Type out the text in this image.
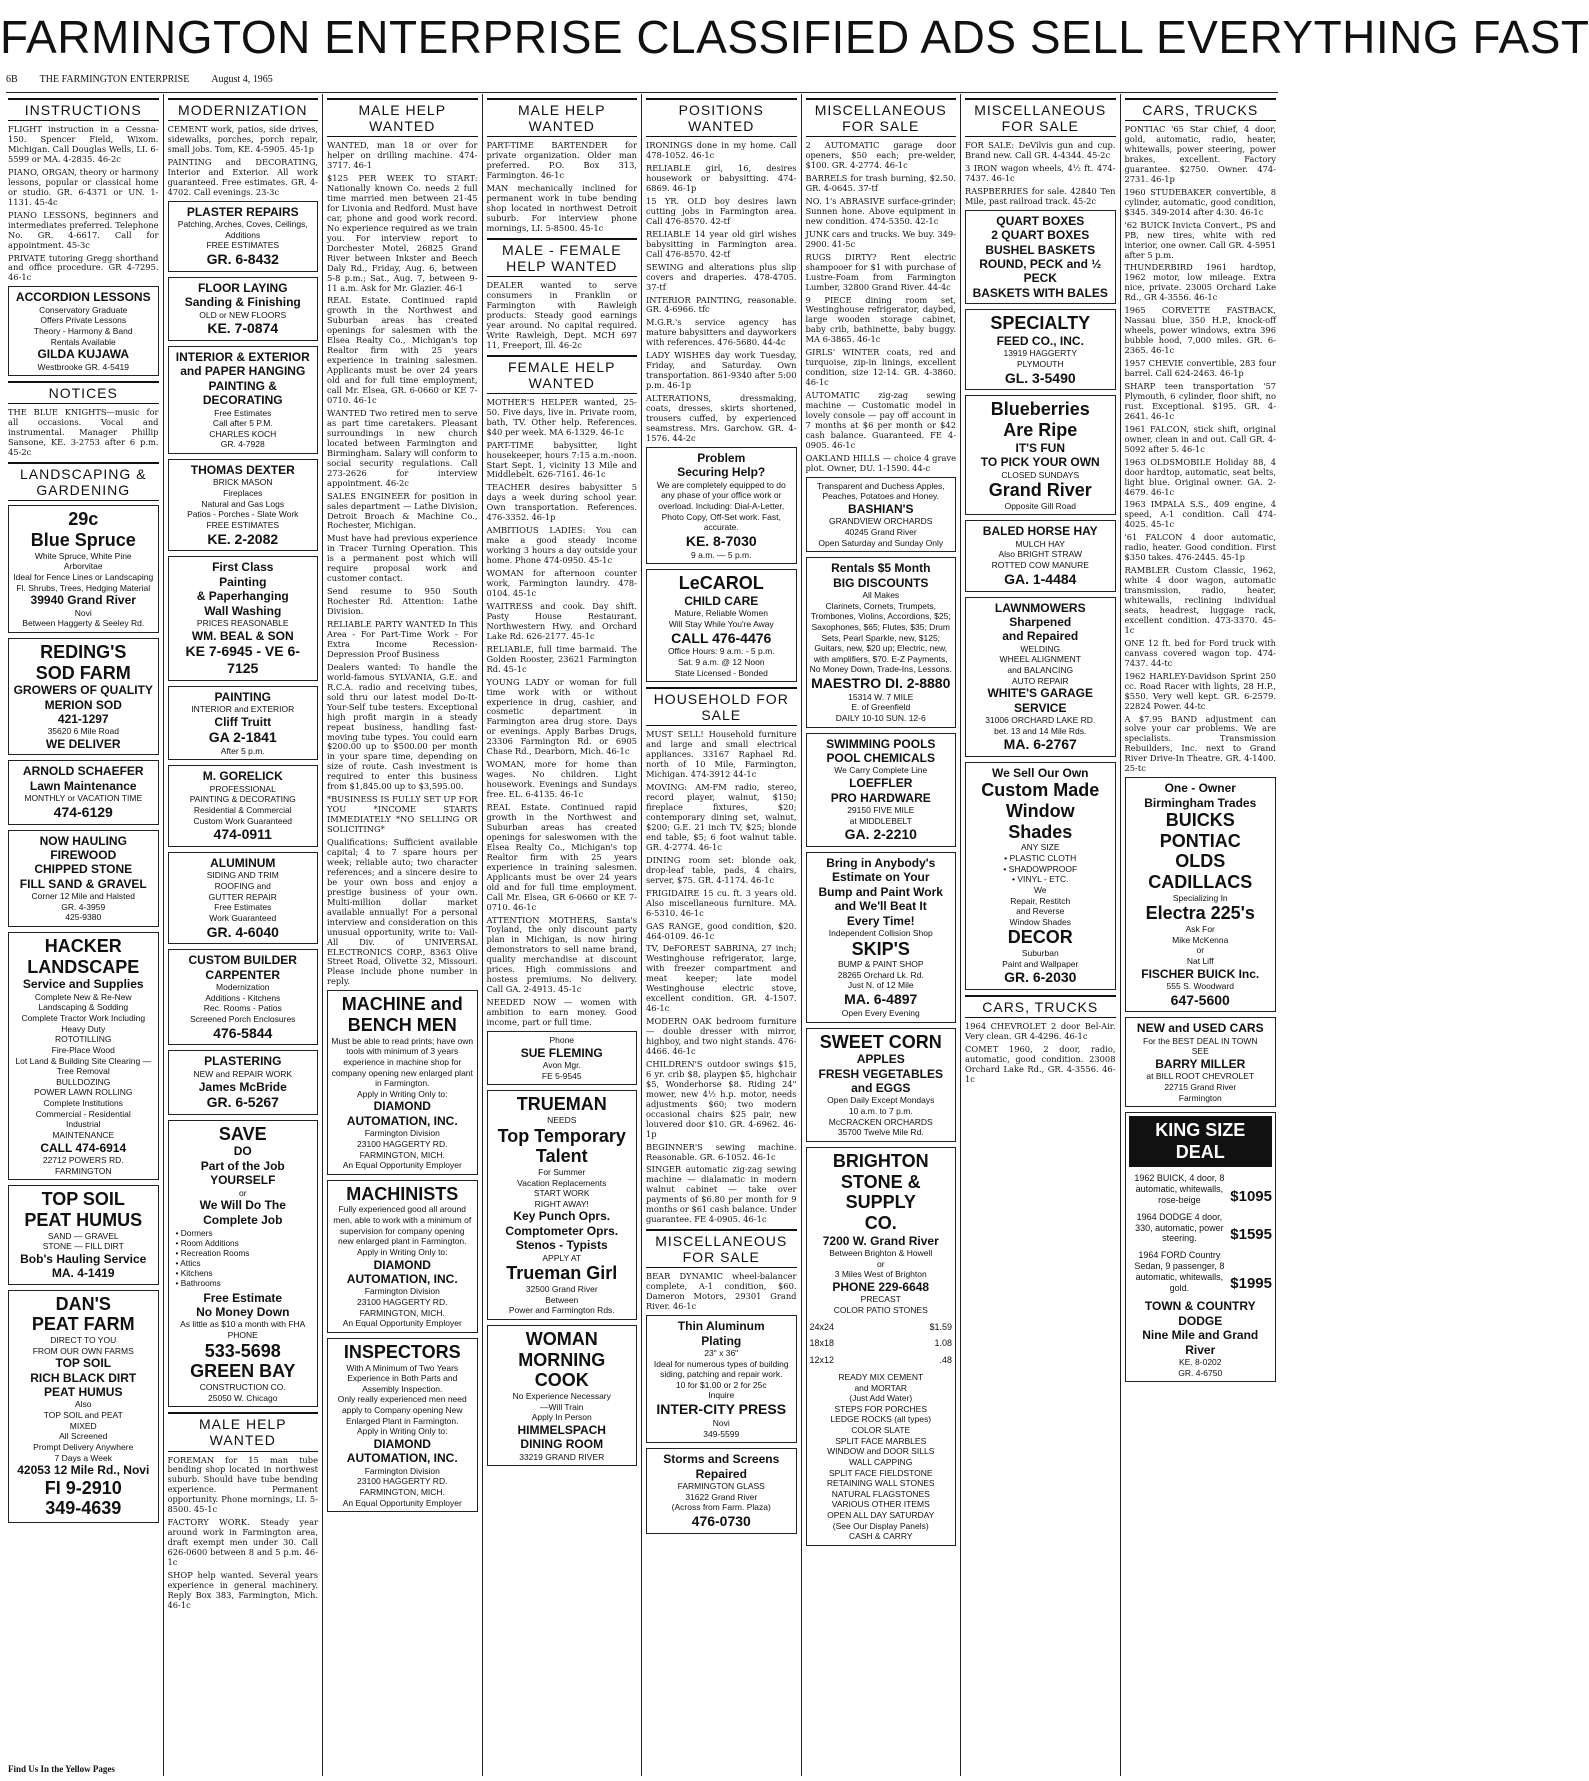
FARMINGTON ENTERPRISE CLASSIFIED ADS SELL EVERYTHING FAST
6B THE FARMINGTON ENTERPRISE August 4, 1965
INSTRUCTIONS
FLIGHT instruction in a Cessna-150. Spencer Field, Wixom. Michigan. Call Douglas Wells, LI. 6-5599 or MA. 4-2835. 46-2c
PIANO, ORGAN, theory or harmony lessons, popular or classical home or studio. GR. 6-4371 or UN. 1-1131. 45-4c
PIANO LESSONS, beginners and intermediates preferred. Telephone No. GR. 4-6617. Call for appointment. 45-3c
PRIVATE tutoring Gregg shorthand and office procedure. GR 4-7295. 46-1c
ACCORDION LESSONS
Conservatory Graduate
Offers Private Lessons
Theory - Harmony & Band
Rentals Available
GILDA KUJAWA
Westbrooke GR. 4-5419
NOTICES
THE BLUE KNIGHTS—music for all occasions. Vocal and instrumental. Manager Phillip Sansone, KE. 3-2753 after 6 p.m. 45-2c
LANDSCAPING & GARDENING
29c
Blue Spruce
White Spruce, White Pine
Arborvitae
Ideal for Fence Lines or Landscaping
Fl. Shrubs, Trees, Hedging Material
39940 Grand River
Novi
Between Haggerty & Seeley Rd.
REDING'S
SOD FARM
GROWERS OF QUALITY
MERION SOD
421-1297
35620 6 Mile Road
WE DELIVER
ARNOLD SCHAEFER
Lawn Maintenance
MONTHLY or VACATION TIME
474-6129
NOW HAULING FIREWOOD
CHIPPED STONE
FILL SAND & GRAVEL
Corner 12 Mile and Halsted
GR. 4-3959
425-9380
HACKER
LANDSCAPE
Service and Supplies
Complete New & Re-New Landscaping & Sodding
Complete Tractor Work Including Heavy Duty
ROTOTILLING
Fire-Place Wood
Lot Land & Building Site Clearing — Tree Removal
BULLDOZING
POWER LAWN ROLLING
Complete Institutions
Commercial - Residential
Industrial
MAINTENANCE
CALL 474-6914
22712 POWERS RD.
FARMINGTON
TOP SOIL
PEAT HUMUS
SAND — GRAVEL
STONE — FILL DIRT
Bob's Hauling Service
MA. 4-1419
DAN'S
PEAT FARM
DIRECT TO YOU
FROM OUR OWN FARMS
TOP SOIL
RICH BLACK DIRT
PEAT HUMUS
Also
TOP SOIL and PEAT
MIXED
All Screened
Prompt Delivery Anywhere
7 Days a Week
42053 12 Mile Rd., Novi
FI 9-2910
349-4639
MODERNIZATION
CEMENT work, patios, side drives, sidewalks, porches, porch repair, small jobs. Tom, KE. 4-5905. 45-1p
PAINTING and DECORATING, Interior and Exterior. All work guaranteed. Free estimates. GR. 4-4702. Call evenings. 23-3c
PLASTER REPAIRS
Patching, Arches, Coves, Ceilings, Additions
FREE ESTIMATES
GR. 6-8432
FLOOR LAYING
Sanding & Finishing
OLD or NEW FLOORS
KE. 7-0874
INTERIOR & EXTERIOR and PAPER HANGING
PAINTING & DECORATING
Free Estimates
Call after 5 P.M.
CHARLES KOCH
GR. 4-7928
THOMAS DEXTER
BRICK MASON
Fireplaces
Natural and Gas Logs
Patios - Porches - Slate Work
FREE ESTIMATES
KE. 2-2082
First Class
Painting
& Paperhanging
Wall Washing
PRICES REASONABLE
WM. BEAL & SON
KE 7-6945 - VE 6-7125
PAINTING
INTERIOR and EXTERIOR
Cliff Truitt
GA 2-1841
After 5 p.m.
M. GORELICK
PROFESSIONAL
PAINTING & DECORATING
Residential & Commercial
Custom Work Guaranteed
474-0911
ALUMINUM
SIDING AND TRIM
ROOFING and
GUTTER REPAIR
Free Estimates
Work Guaranteed
GR. 4-6040
CUSTOM BUILDER
CARPENTER
Modernization
Additions - Kitchens
Rec. Rooms - Patios
Screened Porch Enclosures
476-5844
PLASTERING
NEW and REPAIR WORK
James McBride
GR. 6-5267
SAVE
DO
Part of the Job
YOURSELF
or
We Will Do The
Complete Job
• Dormers
• Room Additions
• Recreation Rooms
• Attics
• Kitchens
• Bathrooms
Free Estimate
No Money Down
As little as $10 a month with FHA
PHONE
533-5698
GREEN BAY
CONSTRUCTION CO.
25050 W. Chicago
MALE HELP WANTED
FOREMAN for 15 man tube bending shop located in northwest suburb. Should have tube bending experience. Permanent opportunity. Phone mornings, LI. 5-8500. 45-1c
FACTORY WORK. Steady year around work in Farmington area, draft exempt men under 30. Call 626-0600 between 8 and 5 p.m. 46-1c
SHOP help wanted. Several years experience in general machinery. Reply Box 383, Farmington, Mich. 46-1c
MALE HELP WANTED
WANTED, man 18 or over for helper on drilling machine. 474-3717. 46-1
$125 PER WEEK TO START: Nationally known Co. needs 2 full time married men between 21-45 for Livonia and Redford. Must have car, phone and good work record. No experience required as we train you. For interview report to Dorchester Motel, 26825 Grand River between Inkster and Beech Daly Rd., Friday, Aug. 6, between 5-8 p.m.; Sat., Aug. 7, between 9-11 a.m. Ask for Mr. Glazier. 46-1
REAL Estate. Continued rapid growth in the Northwest and Suburban areas has created openings for salesmen with the Elsea Realty Co., Michigan's top Realtor firm with 25 years experience in training salesmen. Applicants must be over 24 years old and for full time employment, call Mr. Elsea, GR. 6-0660 or KE 7-0710. 46-1c
WANTED Two retired men to serve as part time caretakers. Pleasant surroundings in new church located between Farmington and Birmingham. Salary will conform to social security regulations. Call 273-2626 for interview appointment. 46-2c
SALES ENGINEER for position in sales department — Lathe Division, Detroit Broach & Machine Co., Rochester, Michigan.
Must have had previous experience in Tracer Turning Operation. This is a permanent post which will require proposal work and customer contact.
Send resume to 950 South Rochester Rd. Attention: Lathe Division.
RELIABLE PARTY WANTED In This Area - For Part-Time Work - For Extra Income Recession-Depression Proof Business
Dealers wanted: To handle the world-famous SYLVANIA, G.E. and R.C.A. radio and receiving tubes, sold thru our latest model Do-It-Your-Self tube testers. Exceptional high profit margin in a steady repeat business, handling fast-moving tube types. You could earn $200.00 up to $500.00 per month in your spare time, depending on size of route. Cash investment is required to enter this business from $1,845.00 up to $3,595.00.
*BUSINESS IS FULLY SET UP FOR YOU *INCOME STARTS IMMEDIATELY *NO SELLING OR SOLICITING*
Qualifications: Sufficient available capital; 4 to 7 spare hours per week; reliable auto; two character references; and a sincere desire to be your own boss and enjoy a prestige business of your own. Multi-million dollar market available annually! For a personal interview and consideration on this unusual opportunity, write to: Vail-All Div. of UNIVERSAL ELECTRONICS CORP., 8363 Olive Street Road, Olivette 32, Missouri. Please include phone number in reply.
MACHINE and
BENCH MEN
Must be able to read prints; have own tools with minimum of 3 years experience in machine shop for company opening new enlarged plant in Farmington.
Apply in Writing Only to:
DIAMOND
AUTOMATION, INC.
Farmington Division
23100 HAGGERTY RD.
FARMINGTON, MICH.
An Equal Opportunity Employer
MACHINISTS
Fully experienced good all around men, able to work with a minimum of supervision for company opening new enlarged plant in Farmington.
Apply in Writing Only to:
DIAMOND
AUTOMATION, INC.
Farmington Division
23100 HAGGERTY RD.
FARMINGTON, MICH.
An Equal Opportunity Employer
INSPECTORS
With A Minimum of Two Years Experience in Both Parts and Assembly Inspection.
Only really experienced men need apply to Company opening New Enlarged Plant in Farmington.
Apply in Writing Only to:
DIAMOND
AUTOMATION, INC.
Farmington Division
23100 HAGGERTY RD.
FARMINGTON, MICH.
An Equal Opportunity Employer
MALE HELP WANTED
PART-TIME BARTENDER for private organization. Older man preferred. P.O. Box 313, Farmington. 46-1c
MAN mechanically inclined for permanent work in tube bending shop located in northwest Detroit suburb. For interview phone mornings, LI. 5-8500. 45-1c
MALE - FEMALE HELP WANTED
DEALER wanted to serve consumers in Franklin or Farmington with Rawleigh products. Steady good earnings year around. No capital required. Write Rawleigh, Dept. MCH 697 11, Freeport, Ill. 46-2c
FEMALE HELP WANTED
MOTHER'S HELPER wanted, 25-50. Five days, live in. Private room, bath, TV. Other help. References. $40 per week. MA 6-1329. 46-1c
PART-TIME babysitter, light housekeeper, hours 7:15 a.m.-noon. Start Sept. 1, vicinity 13 Mile and Middlebelt. 626-7161. 46-1c
TEACHER desires babysitter 5 days a week during school year. Own transportation. References. 476-3352. 46-1p
AMBITIOUS LADIES: You can make a good steady income working 3 hours a day outside your home. Phone 474-0950. 45-1c
WOMAN for afternoon counter work, Farmington laundry. 478-0104. 45-1c
WAITRESS and cook. Day shift. Pasty House Restaurant. Northwestern Hwy. and Orchard Lake Rd. 626-2177. 45-1c
RELIABLE, full time barmaid. The Golden Rooster, 23621 Farmington Rd. 45-1c
YOUNG LADY or woman for full time work with or without experience in drug, cashier, and cosmetic department in Farmington area drug store. Days or evenings. Apply Barbas Drugs, 23306 Farmington Rd. or 6905 Chase Rd., Dearborn, Mich. 46-1c
WOMAN, more for home than wages. No children. Light housework. Evenings and Sundays free. EL. 6-4135. 46-1c
REAL Estate. Continued rapid growth in the Northwest and Suburban areas has created openings for saleswomen with the Elsea Realty Co., Michigan's top Realtor firm with 25 years experience in training salesmen. Applicants must be over 24 years old and for full time employment. Call Mr. Elsea, GR 6-0660 or KE 7-0710. 46-1c
ATTENTION MOTHERS, Santa's Toyland, the only discount party plan in Michigan, is now hiring demonstrators to sell name brand, quality merchandise at discount prices. High commissions and hostess premiums. No delivery. Call GA. 2-4913. 45-1c
NEEDED NOW — women with ambition to earn money. Good income, part or full time.
Phone
SUE FLEMING
Avon Mgr.
FE 5-9545
TRUEMAN
NEEDS
Top Temporary
Talent
For Summer
Vacation Replacements
START WORK
RIGHT AWAY!
Key Punch Oprs.
Comptometer Oprs.
Stenos - Typists
APPLY AT
Trueman Girl
32500 Grand River
Between
Power and Farmington Rds.
WOMAN
MORNING COOK
No Experience Necessary
—Will Train
Apply In Person
HIMMELSPACH
DINING ROOM
33219 GRAND RIVER
POSITIONS WANTED
IRONINGS done in my home. Call 478-1052. 46-1c
RELIABLE girl, 16, desires housework or babysitting. 474-6869. 46-1p
15 YR. OLD boy desires lawn cutting jobs in Farmington area. Call 476-8570. 42-tf
RELIABLE 14 year old girl wishes babysitting in Farmington area. Call 476-8570. 42-tf
SEWING and alterations plus slip covers and draperies. 478-4705. 37-tf
INTERIOR PAINTING, reasonable. GR. 4-6966. tfc
M.G.R.'s service agency has mature babysitters and dayworkers with references. 476-5680. 44-4c
LADY WISHES day work Tuesday, Friday, and Saturday. Own transportation. 861-9340 after 5:00 p.m. 46-1p
ALTERATIONS, dressmaking, coats, dresses, skirts shortened, trousers cuffed, by experienced seamstress. Mrs. Garchow. GR. 4-1576. 44-2c
Problem
Securing Help?
We are completely equipped to do any phase of your office work or overload. Including: Dial-A-Letter, Photo Copy, Off-Set work. Fast, accurate.
KE. 8-7030
9 a.m. — 5 p.m.
LeCAROL
CHILD CARE
Mature, Reliable Women
Will Stay While You're Away
CALL 476-4476
Office Hours: 9 a.m. - 5 p.m.
Sat. 9 a.m. @ 12 Noon
State Licensed - Bonded
HOUSEHOLD FOR SALE
MUST SELL! Household furniture and large and small electrical appliances. 33167 Raphael Rd. north of 10 Mile, Farmington, Michigan. 474-3912 44-1c
MOVING: AM-FM radio, stereo, record player, walnut, $150; fireplace fixtures, $20; contemporary dining set, walnut, $200; G.E. 21 inch TV, $25; blonde end table, $5; 6 foot walnut table. GR. 4-2774. 46-1c
DINING room set: blonde oak, drop-leaf table, pads, 4 chairs, server, $75. GR. 4-1174. 46-1c
FRIGIDAIRE 15 cu. ft. 3 years old. Also miscellaneous furniture. MA. 6-5310. 46-1c
GAS RANGE, good condition, $20. 464-0109. 46-1c
TV, DeFOREST SABRINA, 27 inch; Westinghouse refrigerator, large, with freezer compartment and meat keeper; late model Westinghouse electric stove, excellent condition. GR. 4-1507. 46-1c
MODERN OAK bedroom furniture — double dresser with mirror, highboy, and two night stands. 476-4466. 46-1c
CHILDREN'S outdoor swings $15, 6 yr. crib $8, playpen $5, highchair $5, Wonderhorse $8. Riding 24" mower, new 4½ h.p. motor, needs adjustments $60; two modern occasional chairs $25 pair, new louvered door $10. GR. 4-6962. 46-1p
BEGINNER'S sewing machine. Reasonable. GR. 6-1052. 46-1c
SINGER automatic zig-zag sewing machine — dialamatic in modern walnut cabinet — take over payments of $6.80 per month for 9 months or $61 cash balance. Under guarantee. FE 4-0905. 46-1c
MISCELLANEOUS FOR SALE
BEAR DYNAMIC wheel-balancer complete, A-1 condition, $60. Dameron Motors, 29301 Grand River. 46-1c
Thin Aluminum
Plating
23" x 36"
Ideal for numerous types of building siding, patching and repair work.
10 for $1.00 or 2 for 25c
Inquire
INTER-CITY PRESS
Novi
349-5599
Storms and Screens
Repaired
FARMINGTON GLASS
31622 Grand River
(Across from Farm. Plaza)
476-0730
MISCELLANEOUS FOR SALE
2 AUTOMATIC garage door openers, $50 each; pre-welder, $100. GR. 4-2774. 46-1c
BARRELS for trash burning, $2.50. GR. 4-0645. 37-tf
NO. 1's ABRASIVE surface-grinder; Sunnen hone. Above equipment in new condition. 474-5350. 42-1c
JUNK cars and trucks. We buy. 349-2900. 41-5c
RUGS DIRTY? Rent electric shampooer for $1 with purchase of Lustre-Foam from Farmington Lumber, 32800 Grand River. 44-4c
9 PIECE dining room set, Westinghouse refrigerator, daybed, large wooden storage cabinet, baby crib, bathinette, baby buggy. MA 6-3865. 46-1c
GIRLS' WINTER coats, red and turquoise, zip-in linings, excellent condition, size 12-14. GR. 4-3860. 46-1c
AUTOMATIC zig-zag sewing machine — Customatic model in lovely console — pay off account in 7 months at $6 per month or $42 cash balance. Guaranteed. FE 4-0905. 46-1c
OAKLAND HILLS — choice 4 grave plot. Owner, DU. 1-1590. 44-c
Transparent and Duchess Apples, Peaches, Potatoes and Honey.
BASHIAN'S
GRANDVIEW ORCHARDS
40245 Grand River
Open Saturday and Sunday Only
Rentals $5 Month
BIG DISCOUNTS
All Makes
Clarinets, Cornets, Trumpets, Trombones, Violins, Accordions, $25; Saxophones, $65; Flutes, $35; Drum Sets, Pearl Sparkle, new, $125; Guitars, new, $20 up; Electric, new, with amplifiers, $70. E-Z Payments, No Money Down, Trade-Ins, Lessons.
MAESTRO DI. 2-8880
15314 W. 7 MILE
E. of Greenfield
DAILY 10-10 SUN. 12-6
SWIMMING POOLS
POOL CHEMICALS
We Carry Complete Line
LOEFFLER
PRO HARDWARE
29150 FIVE MILE
at MIDDLEBELT
GA. 2-2210
Bring in Anybody's
Estimate on Your
Bump and Paint Work
and We'll Beat It
Every Time!
Independent Collision Shop
SKIP'S
BUMP & PAINT SHOP
28265 Orchard Lk. Rd.
Just N. of 12 Mile
MA. 6-4897
Open Every Evening
SWEET CORN
APPLES
FRESH VEGETABLES and EGGS
Open Daily Except Mondays
10 a.m. to 7 p.m.
McCRACKEN ORCHARDS
35700 Twelve Mile Rd.
BRIGHTON
STONE & SUPPLY
CO.
7200 W. Grand River
Between Brighton & Howell
or
3 Miles West of Brighton
PHONE 229-6648
PRECAST
COLOR PATIO STONES
24x24	$1.59
18x18	1.08
12x12	.48
READY MIX CEMENT
and MORTAR
(Just Add Water)
STEPS FOR PORCHES
LEDGE ROCKS (all types)
COLOR SLATE
SPLIT FACE MARBLES
WINDOW and DOOR SILLS
WALL CAPPING
SPLIT FACE FIELDSTONE
RETAINING WALL STONES
NATURAL FLAGSTONES
VARIOUS OTHER ITEMS
OPEN ALL DAY SATURDAY
(See Our Display Panels)
CASH & CARRY
MISCELLANEOUS FOR SALE
FOR SALE: DeVilvis gun and cup. Brand new. Call GR. 4-4344. 45-2c
3 IRON wagon wheels, 4½ ft. 474-7437. 46-1c
RASPBERRIES for sale. 42840 Ten Mile, past railroad track. 45-2c
QUART BOXES
2 QUART BOXES
BUSHEL BASKETS
ROUND, PECK and ½ PECK
BASKETS WITH BALES
SPECIALTY
FEED CO., INC.
13919 HAGGERTY
PLYMOUTH
GL. 3-5490
Blueberries
Are Ripe
IT'S FUN
TO PICK YOUR OWN
CLOSED SUNDAYS
Grand River
Opposite Gill Road
BALED HORSE HAY
MULCH HAY
Also BRIGHT STRAW
ROTTED COW MANURE
GA. 1-4484
LAWNMOWERS
Sharpened
and Repaired
WELDING
WHEEL ALIGNMENT
and BALANCING
AUTO REPAIR
WHITE'S GARAGE
SERVICE
31006 ORCHARD LAKE RD.
bet. 13 and 14 Mile Rds.
MA. 6-2767
We Sell Our Own
Custom Made
Window
Shades
ANY SIZE
• PLASTIC CLOTH
• SHADOWPROOF
• VINYL - ETC.
We
Repair, Restitch
and Reverse
Window Shades
DECOR
Suburban
Paint and Wallpaper
GR. 6-2030
CARS, TRUCKS
1964 CHEVROLET 2 door Bel-Air. Very clean. GR 4-4296. 46-1c
COMET 1960, 2 door, radio, automatic, good condition. 23008 Orchard Lake Rd., GR. 4-3556. 46-1c
CARS, TRUCKS
PONTIAC '65 Star Chief, 4 door, gold, automatic, radio, heater, whitewalls, power steering, power brakes, excellent. Factory guarantee. $2750. Owner. 474-2731. 46-1p
1960 STUDEBAKER convertible, 8 cylinder, automatic, good condition, $345. 349-2014 after 4:30. 46-1c
'62 BUICK Invicta Convert., PS and PB, new tires, white with red interior, one owner. Call GR. 4-5951 after 5 p.m.
THUNDERBIRD 1961 hardtop, 1962 motor, low mileage. Extra nice, private. 23005 Orchard Lake Rd., GR 4-3556. 46-1c
1965 CORVETTE FASTBACK, Nassau blue, 350 H.P., knock-off wheels, power windows, extra 396 bubble hood, 7,000 miles. GR. 6-2365. 46-1c
1957 CHEVIE convertible, 283 four barrel. Call 624-2463. 46-1p
SHARP teen transportation '57 Plymouth, 6 cylinder, floor shift, no rust. Exceptional. $195. GR. 4-2641. 46-1c
1961 FALCON, stick shift, original owner, clean in and out. Call GR. 4-5092 after 5. 46-1c
1963 OLDSMOBILE Holiday 88, 4 door hardtop, automatic, seat belts, light blue. Original owner. GA. 2-4679. 46-1c
1963 IMPALA S.S., 409 engine, 4 speed, A-1 condition. Call 474-4025. 45-1c
'61 FALCON 4 door automatic, radio, heater. Good condition. First $350 takes. 476-2445. 45-1p
RAMBLER Custom Classic, 1962, white 4 door wagon, automatic transmission, radio, heater, whitewalls, reclining individual seats, headrest, luggage rack, excellent condition. 473-3370. 45-1c
ONE 12 ft. bed for Ford truck with canvass covered wagon top. 474-7437. 44-tc
1962 HARLEY-Davidson Sprint 250 cc. Road Racer with lights, 28 H.P., $550. Very well kept. GR. 6-2579. 22824 Power. 44-tc
A $7.95 BAND adjustment can solve your car problems. We are specialists. Transmission Rebuilders, Inc. next to Grand River Drive-In Theatre. GR. 4-1400. 25-tc
One - Owner
Birmingham Trades
BUICKS
PONTIAC
OLDS
CADILLACS
Specializing In
Electra 225's
Ask For
Mike McKenna
or
Nat Liff
FISCHER BUICK Inc.
555 S. Woodward
647-5600
NEW and USED CARS
For the BEST DEAL IN TOWN
SEE
BARRY MILLER
at BILL ROOT CHEVROLET
22715 Grand River
Farmington
KING SIZE DEAL
1962 BUICK, 4 door, 8 automatic, whitewalls, rose-beige	$1095
1964 DODGE 4 door, 330, automatic, power steering.	$1595
1964 FORD Country Sedan, 9 passenger, 8 automatic, whitewalls, gold.	$1995
TOWN & COUNTRY
DODGE
Nine Mile and Grand River
KE. 8-0202
GR. 4-6750
Find Us In the Yellow Pages
